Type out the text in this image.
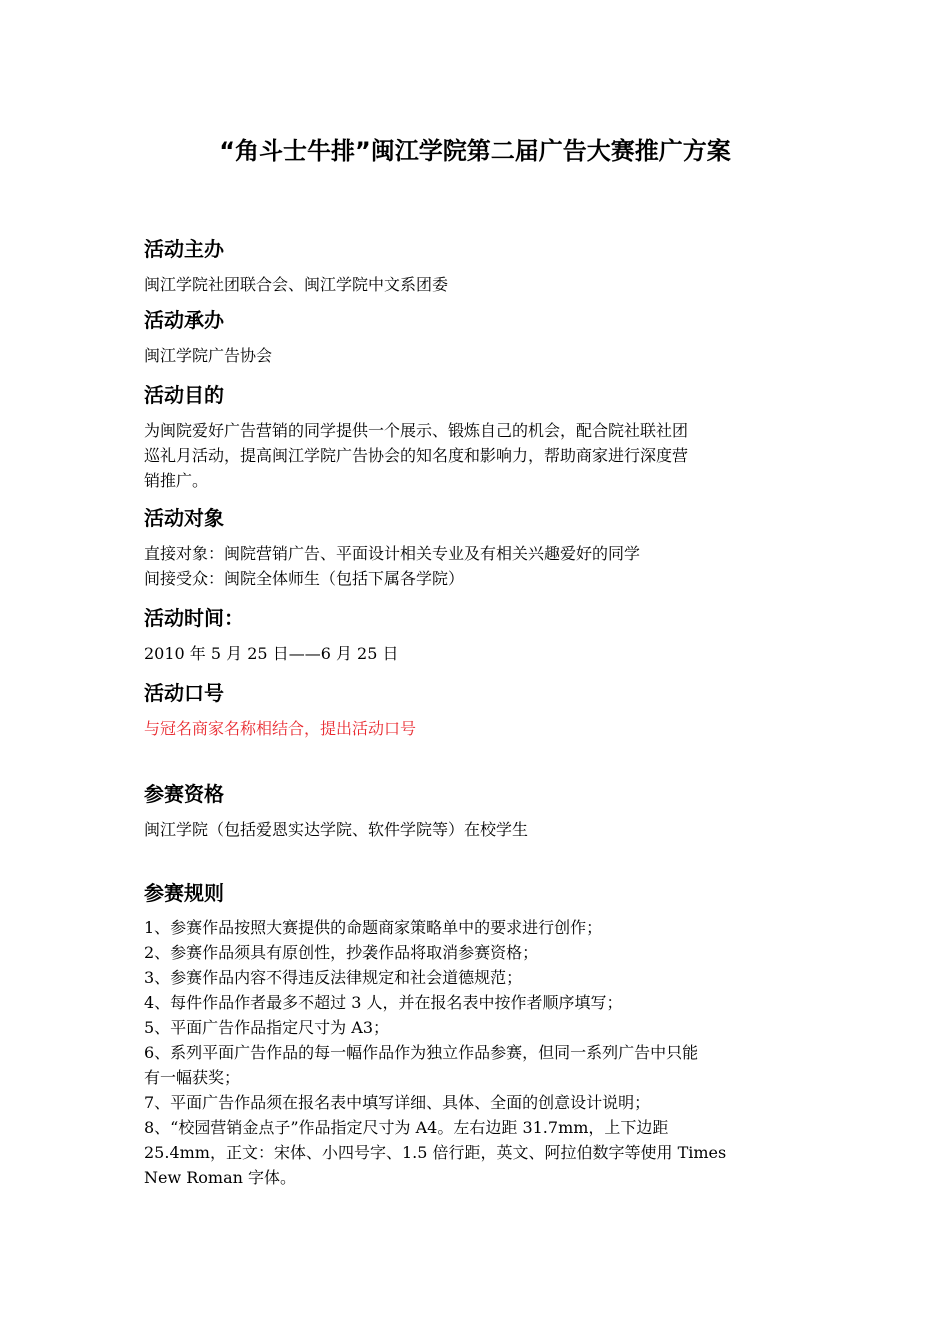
“角斗士牛排”闽江学院第二届广告大赛推广方案
活动主办

闽江学院社团联合会、闽江学院中文系团委

活动承办

闽江学院广告协会

活动目的

为闽院爱好广告营销的同学提供一个展示、锻炼自己的机会，配合院社联社团
巡礼月活动，提高闽江学院广告协会的知名度和影响力，帮助商家进行深度营
销推广。

活动对象

直接对象：闽院营销广告、平面设计相关专业及有相关兴趣爱好的同学
间接受众：闽院全体师生（包括下属各学院）

活动时间：

2010 年 5 月 25 日——6 月 25 日

活动口号

与冠名商家名称相结合，提出活动口号

参赛资格

闽江学院（包括爱恩实达学院、软件学院等）在校学生

参赛规则
1、参赛作品按照大赛提供的命题商家策略单中的要求进行创作；
2、参赛作品须具有原创性，抄袭作品将取消参赛资格；
3、参赛作品内容不得违反法律规定和社会道德规范；
4、每件作品作者最多不超过 3 人，并在报名表中按作者顺序填写；
5、平面广告作品指定尺寸为 A3；
6、系列平面广告作品的每一幅作品作为独立作品参赛，但同一系列广告中只能
有一幅获奖；
7、平面广告作品须在报名表中填写详细、具体、全面的创意设计说明；
8、“校园营销金点子”作品指定尺寸为 A4。左右边距 31.7mm，上下边距
25.4mm，正文：宋体、小四号字、1.5 倍行距，英文、阿拉伯数字等使用 Times
New Roman 字体。
